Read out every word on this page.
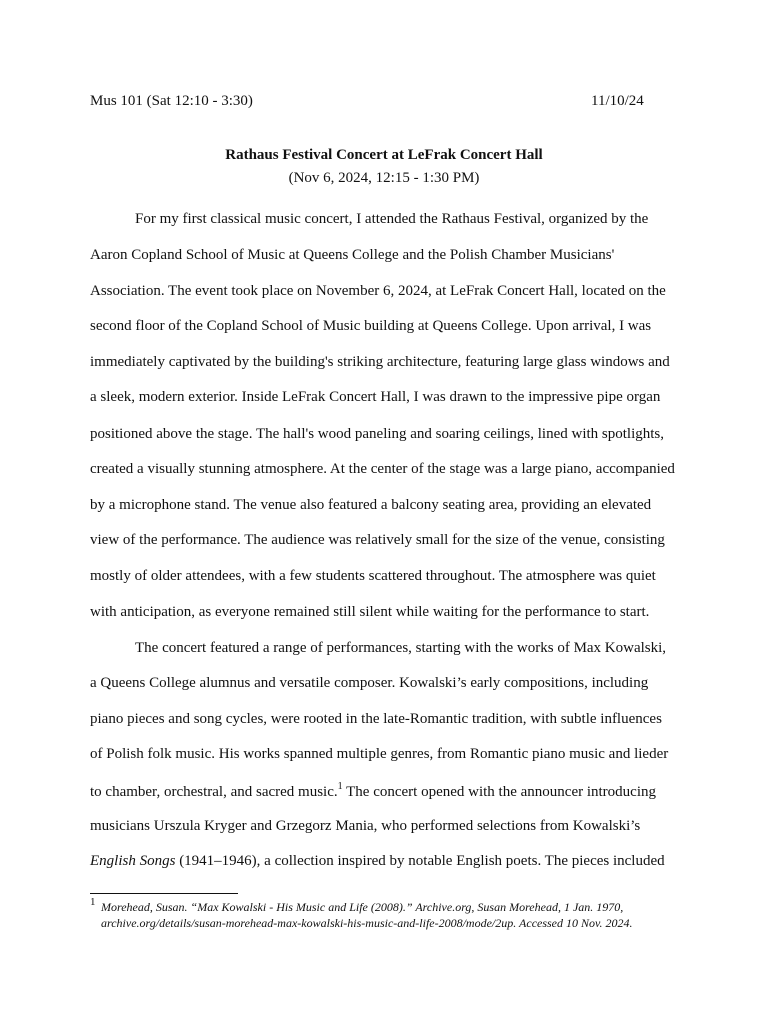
Mus 101 (Sat 12:10 - 3:30)	11/10/24
Rathaus Festival Concert at LeFrak Concert Hall
(Nov 6, 2024, 12:15 - 1:30 PM)
For my first classical music concert, I attended the Rathaus Festival, organized by the
Aaron Copland School of Music at Queens College and the Polish Chamber Musicians'
Association. The event took place on November 6, 2024, at LeFrak Concert Hall, located on the
second floor of the Copland School of Music building at Queens College. Upon arrival, I was
immediately captivated by the building's striking architecture, featuring large glass windows and
a sleek, modern exterior. Inside LeFrak Concert Hall, I was drawn to the impressive pipe organ
positioned above the stage. The hall's wood paneling and soaring ceilings, lined with spotlights,
created a visually stunning atmosphere. At the center of the stage was a large piano, accompanied
by a microphone stand. The venue also featured a balcony seating area, providing an elevated
view of the performance. The audience was relatively small for the size of the venue, consisting
mostly of older attendees, with a few students scattered throughout. The atmosphere was quiet
with anticipation, as everyone remained still silent while waiting for the performance to start.
The concert featured a range of performances, starting with the works of Max Kowalski,
a Queens College alumnus and versatile composer. Kowalski’s early compositions, including
piano pieces and song cycles, were rooted in the late-Romantic tradition, with subtle influences
of Polish folk music. His works spanned multiple genres, from Romantic piano music and lieder
to chamber, orchestral, and sacred music.$^1$ The concert opened with the announcer introducing
musicians Urszula Kryger and Grzegorz Mania, who performed selections from Kowalski’s
English Songs (1941–1946), a collection inspired by notable English poets. The pieces included
1 Morehead, Susan. “Max Kowalski - His Music and Life (2008).” Archive.org, Susan Morehead, 1 Jan. 1970,
archive.org/details/susan-morehead-max-kowalski-his-music-and-life-2008/mode/2up. Accessed 10 Nov. 2024.
